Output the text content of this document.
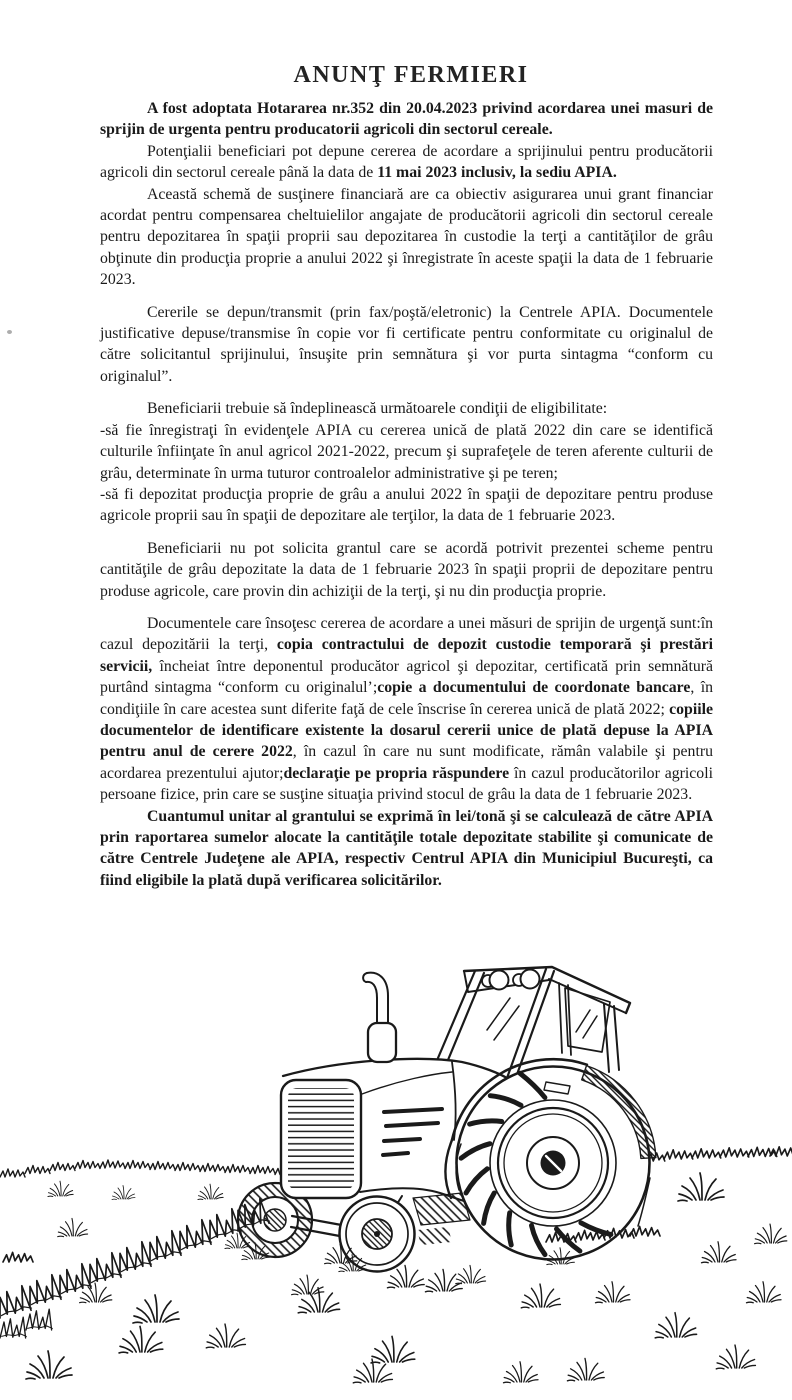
ANUNŢ FERMIERI

A fost adoptata Hotararea nr.352 din 20.04.2023 privind acordarea unei masuri de sprijin de urgenta pentru producatorii agricoli din sectorul cereale.

Potenţialii beneficiari pot depune cererea de acordare a sprijinului pentru producătorii agricoli din sectorul cereale până la data de 11 mai 2023 inclusiv, la sediu APIA.

Această schemă de susţinere financiară are ca obiectiv asigurarea unui grant financiar acordat pentru compensarea cheltuielilor angajate de producătorii agricoli din sectorul cereale pentru depozitarea în spaţii proprii sau depozitarea în custodie la terţi a cantităţilor de grâu obţinute din producţia proprie a anului 2022 şi înregistrate în aceste spaţii la data de 1 februarie 2023.

Cererile se depun/transmit (prin fax/poştă/eletronic) la Centrele APIA. Documentele justificative depuse/transmise în copie vor fi certificate pentru conformitate cu originalul de către solicitantul sprijinului, însuşite prin semnătura şi vor purta sintagma “conform cu originalul”.

Beneficiarii trebuie să îndeplinească următoarele condiţii de eligibilitate:

-să fie înregistraţi în evidenţele APIA cu cererea unică de plată 2022 din care se identifică culturile înfiinţate în anul agricol 2021-2022, precum şi suprafeţele de teren aferente culturii de grâu, determinate în urma tuturor controalelor administrative şi pe teren;

-să fi depozitat producţia proprie de grâu a anului 2022 în spaţii de depozitare pentru produse agricole proprii sau în spaţii de depozitare ale terţilor, la data de 1 februarie 2023.

Beneficiarii nu pot solicita grantul care se acordă potrivit prezentei scheme pentru cantităţile de grâu depozitate la data de 1 februarie 2023 în spaţii proprii de depozitare pentru produse agricole, care provin din achiziţii de la terţi, şi nu din producţia proprie.

Documentele care însoţesc cererea de acordare a unei măsuri de sprijin de urgenţă sunt:în cazul depozitării la terţi, copia contractului de depozit custodie temporară şi prestări servicii, încheiat între deponentul producător agricol şi depozitar, certificată prin semnătură purtând sintagma “conform cu originalul’;copie a documentului de coordonate bancare, în condiţiile în care acestea sunt diferite faţă de cele înscrise în cererea unică de plată 2022; copiile documentelor de identificare existente la dosarul cererii unice de plată depuse la APIA pentru anul de cerere 2022, în cazul în care nu sunt modificate, rămân valabile şi pentru acordarea prezentului ajutor;declaraţie pe propria răspundere în cazul producătorilor agricoli persoane fizice, prin care se susţine situaţia privind stocul de grâu la data de 1 februarie 2023.

Cuantumul unitar al grantului se exprimă în lei/tonă şi se calculează de către APIA prin raportarea sumelor alocate la cantităţile totale depozitate stabilite şi comunicate de către Centrele Judeţene ale APIA, respectiv Centrul APIA din Municipiul Bucureşti, ca fiind eligibile la plată după verificarea solicitărilor.
